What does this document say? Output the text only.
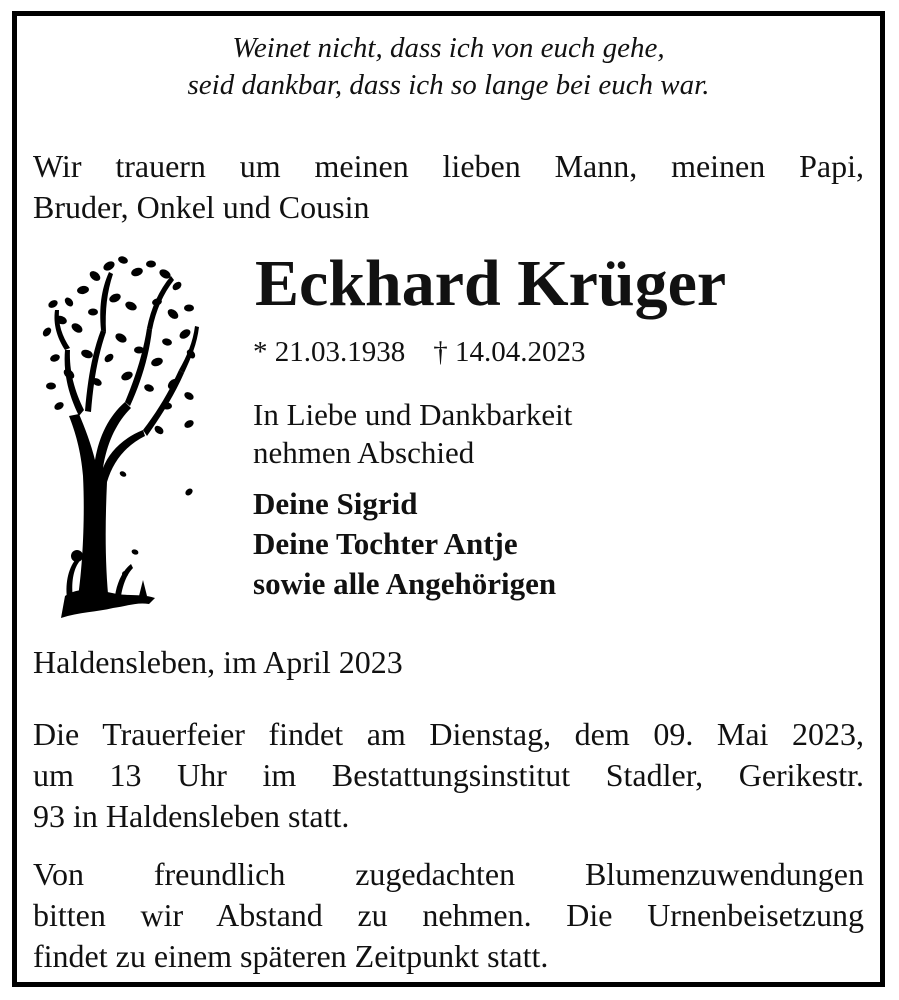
Weinet nicht, dass ich von euch gehe,
seid dankbar, dass ich so lange bei euch war.
Wir trauern um meinen lieben Mann, meinen Papi,
Bruder, Onkel und Cousin
Eckhard Krüger
* 21.03.1938 † 14.04.2023
In Liebe und Dankbarkeit
nehmen Abschied
Deine Sigrid
Deine Tochter Antje
sowie alle Angehörigen
Haldensleben, im April 2023
Die Trauerfeier findet am Dienstag, dem 09. Mai 2023,
um 13 Uhr im Bestattungsinstitut Stadler, Gerikestr.
93 in Haldensleben statt.
Von freundlich zugedachten Blumenzuwendungen
bitten wir Abstand zu nehmen. Die Urnenbeisetzung
findet zu einem späteren Zeitpunkt statt.
